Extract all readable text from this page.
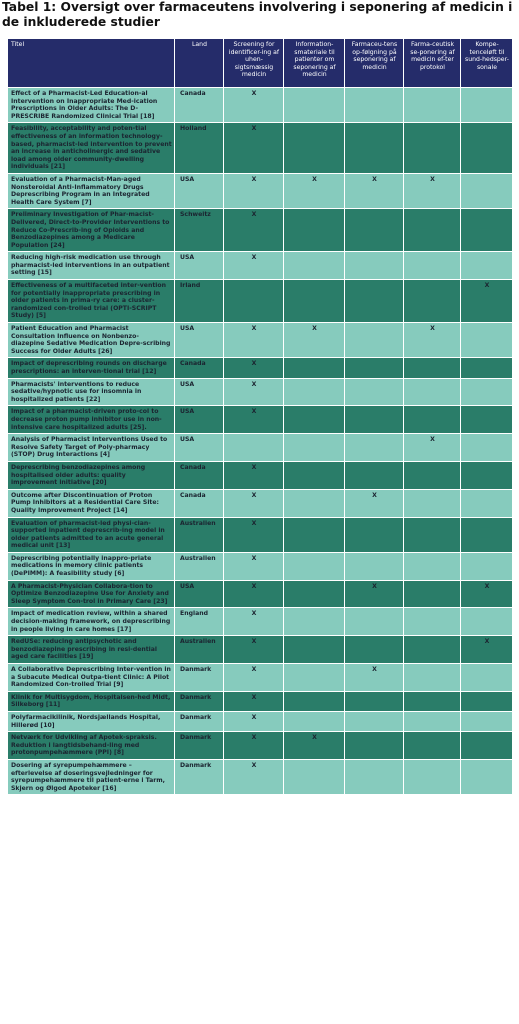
Tabel 1: Oversigt over farmaceutens involvering i seponering af medicin i de inkluderede studier
Titel	Land	Screening for identificer-ing af uhen-sigtsmæssig medicin	Information-smateriale til patienter om seponering af medicin	Farmaceu-tens op-følgning på seponering af medicin	Farma-ceutisk se-ponering af medicin ef-ter protokol	Kompe-tenceløft til sund-hedsper-sonale
Effect of a Pharmacist-Led Education-al Intervention on Inappropriate Med-ication Prescriptions in Older Adults: The D-PRESCRIBE Randomized Clinical Trial [18]	Canada	X				
Feasibility, acceptability and poten-tial effectiveness of an information technology-based, pharmacist-led intervention to prevent an increase in anticholinergic and sedative load among older community-dwelling individuals [21]	Holland	X				
Evaluation of a Pharmacist-Man-aged Nonsteroidal Anti-Inflammatory Drugs Deprescribing Program in an Integrated Health Care System [7]	USA	X	X	X	X	
Preliminary Investigation of Phar-macist-Delivered, Direct-to-Provider Interventions to Reduce Co-Prescrib-ing of Opioids and Benzodiazepines among a Medicare Population [24]	Schweitz	X				
Reducing high-risk medication use through pharmacist-led interventions in an outpatient setting [15]	USA	X				
Effectiveness of a multifaceted inter-vention for potentially inappropriate prescribing in older patients in prima-ry care: a cluster-randomized con-trolled trial (OPTI-SCRIPT Study) [5]	Irland					X
Patient Education and Pharmacist Consultation Influence on Nonbenzo-diazepine Sedative Medication Depre-scribing Success for Older Adults [26]	USA	X	X		X	
Impact of deprescribing rounds on discharge prescriptions: an interven-tional trial [12]	Canada	X				
Pharmacists' interventions to reduce sedative/hypnotic use for insomnia in hospitalized patients [22]	USA	X				
Impact of a pharmacist-driven proto-col to decrease proton pump inhibitor use in non-intensive care hospitalized adults [25].	USA	X				
Analysis of Pharmacist Interventions Used to Resolve Safety Target of Poly-pharmacy (STOP) Drug Interactions [4]	USA				X	
Deprescribing benzodiazepines among hospitalised older adults: quality improvement initiative [20]	Canada	X				
Outcome after Discontinuation of Proton Pump Inhibitors at a Residential Care Site: Quality Improvement Project [14]	Canada	X		X		
Evaluation of pharmacist-led physi-cian-supported inpatient deprescrib-ing model in older patients admitted to an acute general medical unit [13]	Australien	X				
Deprescribing potentially inappro-priate medications in memory clinic patients (DePIMM): A feasibility study [6]	Australien	X				
A Pharmacist-Physician Collabora-tion to Optimize Benzodiazepine Use for Anxiety and Sleep Symptom Con-trol in Primary Care [23]	USA	X		X		X
Impact of medication review, within a shared decision-making framework, on deprescribing in people living in care homes [17]	England	X				
RedUSe: reducing antipsychotic and benzodiazepine prescribing in resi-dential aged care facilities [19]	Australien	X				X
A Collaborative Deprescribing Inter-vention in a Subacute Medical Outpa-tient Clinic: A Pilot Randomized Con-trolled Trial [9]	Danmark	X		X		
Klinik for Multisygdom, Hospitalsen-hed Midt, Silkeborg [11]	Danmark	X				
Polyfarmacikilinik, Nordsjællands Hospital, Hillerød [10]	Danmark	X				
Netværk for Udvikling af Apotek-spraksis. Reduktion i langtidsbehand-ling med protonpumpehæmmere (PPI) [8]	Danmark	X	X			
Dosering af syrepumpehæmmere – efterlevelse af doseringsvejledninger for syrepumpehæmmere til patient-erne i Tarm, Skjern og Ølgod Apoteker [16]	Danmark	X				
